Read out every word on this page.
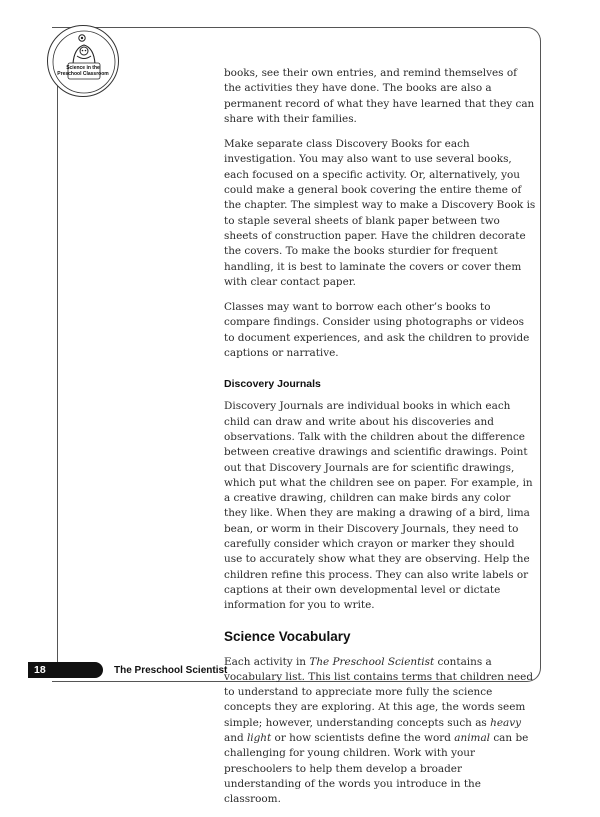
Science in the
Preschool Classroom	books, see their own entries, and remind themselves of the activities they have done. The books are also a permanent record of what they have learned that they can share with their families.

Make separate class Discovery Books for each investigation. You may also want to use several books, each focused on a specific activity. Or, alternatively, you could make a general book covering the entire theme of the chapter. The simplest way to make a Discovery Book is to staple several sheets of blank paper between two sheets of construction paper. Have the children decorate the covers. To make the books sturdier for frequent handling, it is best to laminate the covers or cover them with clear contact paper.

Classes may want to borrow each other’s books to compare findings. Consider using photographs or videos to document experiences, and ask the children to provide captions or narrative.

Discovery Journals

Discovery Journals are individual books in which each child can draw and write about his discoveries and observations. Talk with the children about the difference between creative drawings and scientific drawings. Point out that Discovery Journals are for scientific drawings, which put what the children see on paper. For example, in a creative drawing, children can make birds any color they like. When they are making a drawing of a bird, lima bean, or worm in their Discovery Journals, they need to carefully consider which crayon or marker they should use to accurately show what they are observing. Help the children refine this process. They can also write labels or captions at their own developmental level or dictate information for you to write.

Science Vocabulary

Each activity in The Preschool Scientist contains a vocabulary list. This list contains terms that children need to understand to appreciate more fully the science concepts they are exploring. At this age, the words seem simple; however, understanding concepts such as heavy and light or how scientists define the word animal can be challenging for young children. Work with your preschoolers to help them develop a broader understanding of the words you introduce in the classroom.

18	The Preschool Scientist
